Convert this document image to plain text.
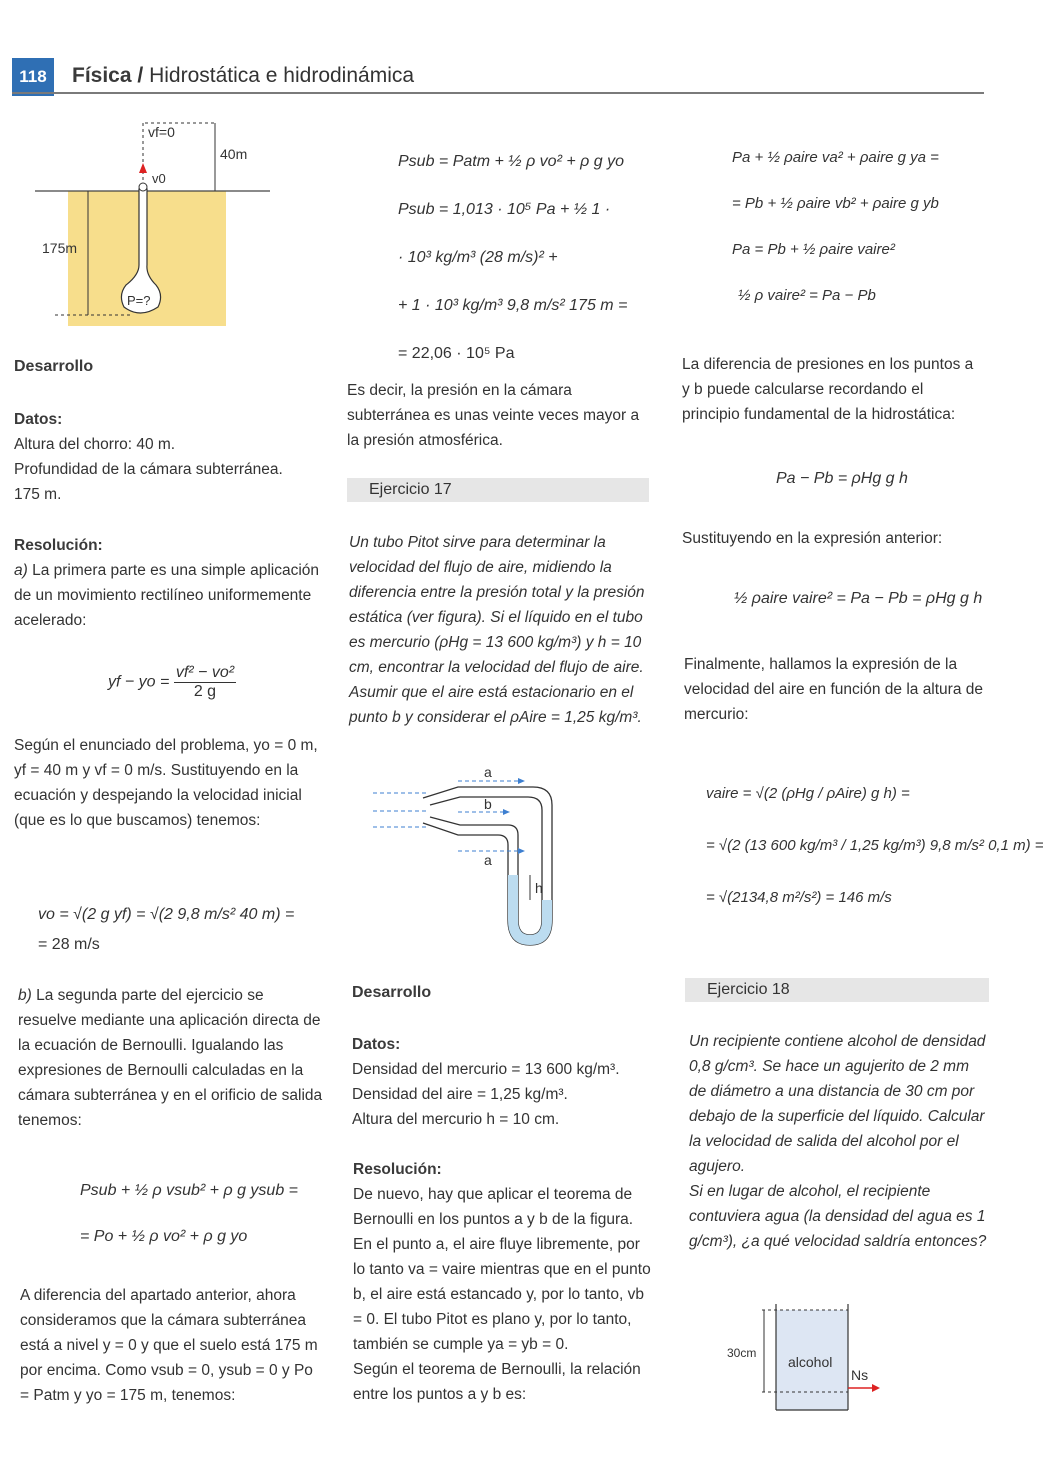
118	Física / Hidrostática e hidrodinámica
vf=0
40m
v0
175m
P=?
Desarrollo

Datos:

Altura del chorro: 40 m.

Profundidad de la cámara subterránea.

175 m.

Resolución:

a) La primera parte es una simple aplicación de un movimiento rectilíneo uniformemente acelerado:

yf − yo = $\frac{\text{vf² − vo²}}{2 g}$

Según el enunciado del problema, yo = 0 m, yf = 40 m y vf = 0 m/s. Sustituyendo en la ecuación y despejando la velocidad inicial (que es lo que buscamos) tenemos:

vo = √(2 g yf) = √(2 9,8 m/s² 40 m) =
= 28 m/s

b) La segunda parte del ejercicio se resuelve mediante una aplicación directa de la ecuación de Bernoulli. Igualando las expresiones de Bernoulli calculadas en la cámara subterránea y en el orificio de salida tenemos:

Psub + ½ ρ vsub² + ρ g ysub =
= Po + ½ ρ vo² + ρ g yo

A diferencia del apartado anterior, ahora consideramos que la cámara subterránea está a nivel y = 0 y que el suelo está 175 m por encima. Como vsub = 0, ysub = 0 y Po = Patm y yo = 175 m, tenemos:

Psub = Patm + ½ ρ vo² + ρ g yo
Psub = 1,013 · 10⁵ Pa + ½ 1 ·
· 10³ kg/m³ (28 m/s)² +
+ 1 · 10³ kg/m³ 9,8 m/s² 175 m =
= 22,06 · 10⁵ Pa

Es decir, la presión en la cámara subterránea es unas veinte veces mayor a la presión atmosférica.

Ejercicio 17

Un tubo Pitot sirve para determinar la velocidad del flujo de aire, midiendo la diferencia entre la presión total y la presión estática (ver figura). Si el líquido en el tubo es mercurio (ρHg = 13 600 kg/m³) y h = 10 cm, encontrar la velocidad del flujo de aire. Asumir que el aire está estacionario en el punto b y considerar el ρAire = 1,25 kg/m³.

a
b
a
h
Desarrollo

Datos:

Densidad del mercurio = 13 600 kg/m³.

Densidad del aire = 1,25 kg/m³.

Altura del mercurio h = 10 cm.

Resolución:

De nuevo, hay que aplicar el teorema de Bernoulli en los puntos a y b de la figura. En el punto a, el aire fluye libremente, por lo tanto va = vaire mientras que en el punto b, el aire está estancado y, por lo tanto, vb = 0. El tubo Pitot es plano y, por lo tanto, también se cumple ya = yb = 0.

Según el teorema de Bernoulli, la relación entre los puntos a y b es:

Pa + ½ ρaire va² + ρaire g ya =
= Pb + ½ ρaire vb² + ρaire g yb
Pa = Pb + ½ ρaire vaire²
½ ρ vaire² = Pa − Pb

La diferencia de presiones en los puntos a y b puede calcularse recordando el principio fundamental de la hidrostática:

Pa − Pb = ρHg g h

Sustituyendo en la expresión anterior:

½ ρaire vaire² = Pa − Pb = ρHg g h

Finalmente, hallamos la expresión de la velocidad del aire en función de la altura de mercurio:

vaire = √(2 (ρHg / ρAire) g h) =
= √(2 (13 600 kg/m³ / 1,25 kg/m³) 9,8 m/s² 0,1 m) =
= √(2134,8 m²/s²) = 146 m/s
Ejercicio 18

Un recipiente contiene alcohol de densidad 0,8 g/cm³. Se hace un agujerito de 2 mm de diámetro a una distancia de 30 cm por debajo de la superficie del líquido. Calcular la velocidad de salida del alcohol por el agujero.

Si en lugar de alcohol, el recipiente contuviera agua (la densidad del agua es 1 g/cm³), ¿a qué velocidad saldría entonces?

30cm
alcohol
Ns
